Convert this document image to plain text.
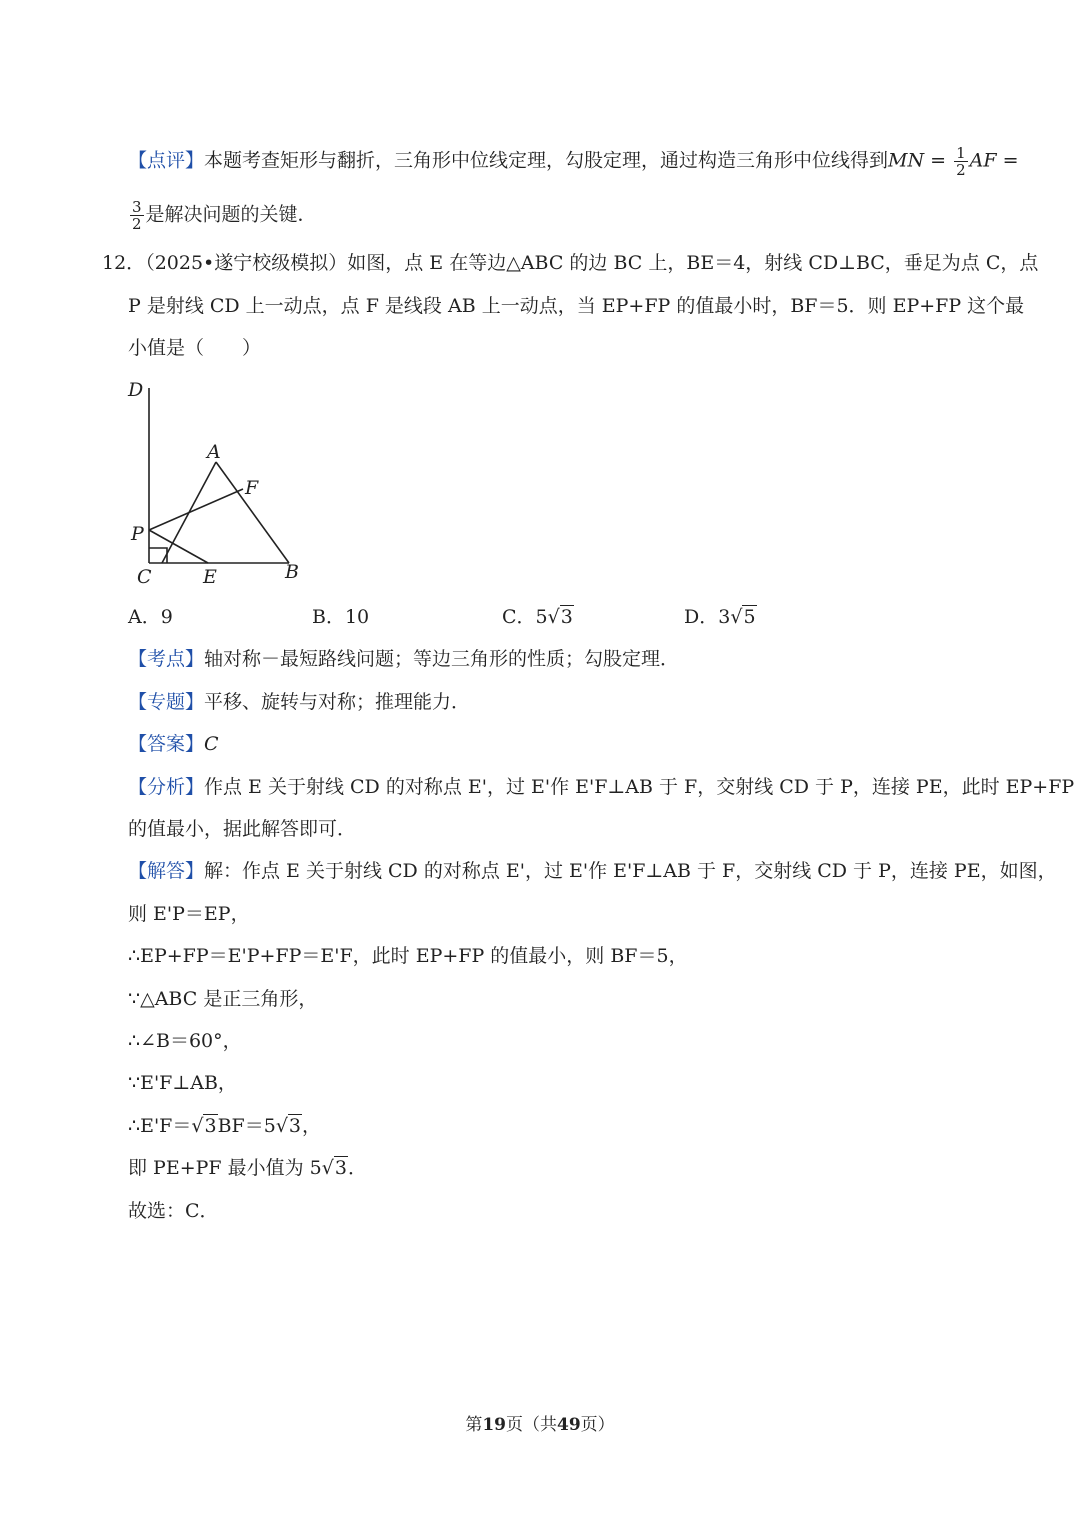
【点评】本题考查矩形与翻折，三角形中位线定理，勾股定理，通过构造三角形中位线得到MN = $\frac{1}{2}$ AF =
$\frac{3}{2}$ 是解决问题的关键．
12．（2025•遂宁校级模拟）如图，点 E 在等边△ABC 的边 BC 上，BE＝4，射线 CD⊥BC，垂足为点 C，点
P 是射线 CD 上一动点，点 F 是线段 AB 上一动点，当 EP+FP 的值最小时，BF＝5．则 EP+FP 这个最
小值是（　　）
D
A
F
P
C	E	B
A．9	B．10	C．5√3	D．3√5
【考点】轴对称－最短路线问题；等边三角形的性质；勾股定理．
【专题】平移、旋转与对称；推理能力．
【答案】C
【分析】作点 E 关于射线 CD 的对称点 E'，过 E'作 E'F⊥AB 于 F，交射线 CD 于 P，连接 PE，此时 EP+FP
的值最小，据此解答即可．
【解答】解：作点 E 关于射线 CD 的对称点 E'，过 E'作 E'F⊥AB 于 F，交射线 CD 于 P，连接 PE，如图，
则 E'P＝EP，
∴EP+FP＝E'P+FP＝E'F，此时 EP+FP 的值最小，则 BF＝5，
∵△ABC 是正三角形，
∴∠B＝60°，
∵E'F⊥AB，
∴E'F＝√3BF＝5√3，
即 PE+PF 最小值为 5√3．
故选：C．
第19页（共49页）
